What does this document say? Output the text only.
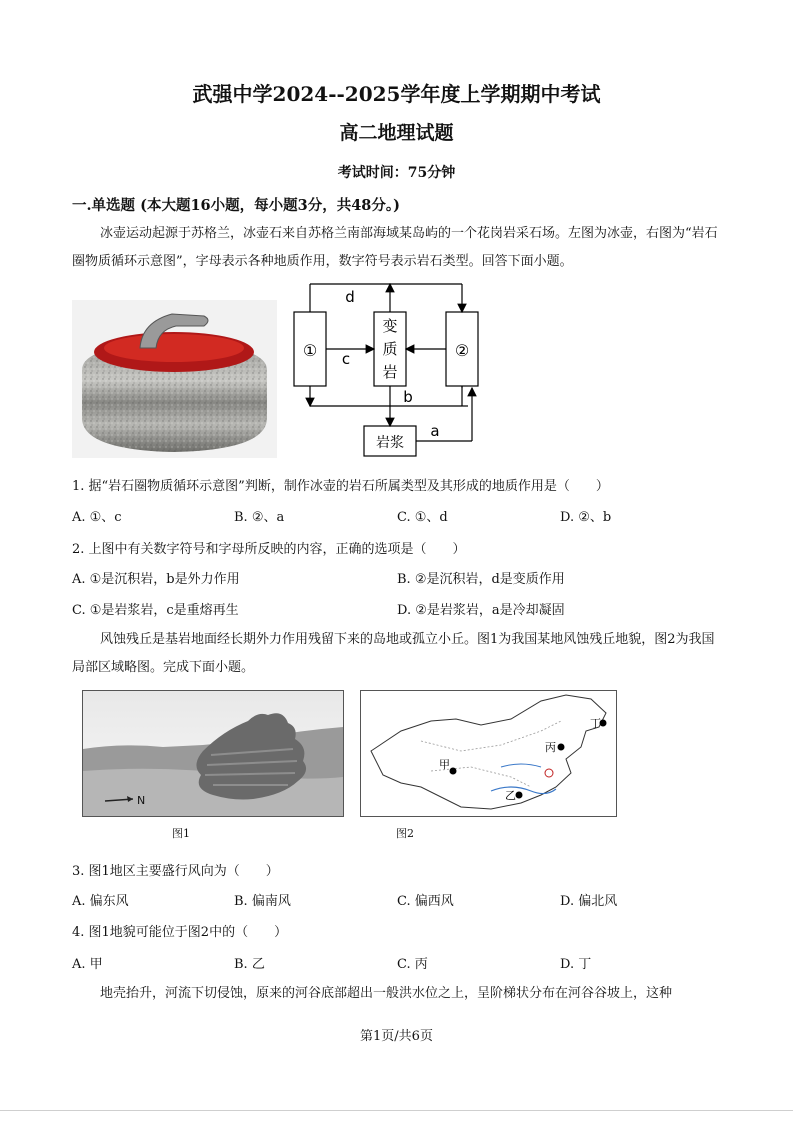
武强中学2024--2025学年度上学期期中考试
高二地理试题
考试时间：75分钟
一.单选题 (本大题16小题，每小题3分，共48分。)
冰壶运动起源于苏格兰，冰壶石来自苏格兰南部海域某岛屿的一个花岗岩采石场。左图为冰壶，右图为“岩石圈物质循环示意图”，字母表示各种地质作用，数字符号表示岩石类型。回答下面小题。
①	②
变
质
岩
岩浆
d
c
b
a
1. 据“岩石圈物质循环示意图”判断，制作冰壶的岩石所属类型及其形成的地质作用是（　　）
A. ①、c	B. ②、a	C. ①、d	D. ②、b
2. 上图中有关数字符号和字母所反映的内容，正确的选项是（　　）
A. ①是沉积岩，b是外力作用	B. ②是沉积岩，d是变质作用
C. ①是岩浆岩，c是重熔再生	D. ②是岩浆岩，a是冷却凝固
风蚀残丘是基岩地面经长期外力作用残留下来的岛地或孤立小丘。图1为我国某地风蚀残丘地貌，图2为我国局部区域略图。完成下面小题。
N
图1
甲
乙
丙
丁
图2
3. 图1地区主要盛行风向为（　　）
A. 偏东风	B. 偏南风	C. 偏西风	D. 偏北风
4. 图1地貌可能位于图2中的（　　）
A. 甲	B. 乙	C. 丙	D. 丁
地壳抬升，河流下切侵蚀，原来的河谷底部超出一般洪水位之上，呈阶梯状分布在河谷谷坡上，这种
第1页/共6页
